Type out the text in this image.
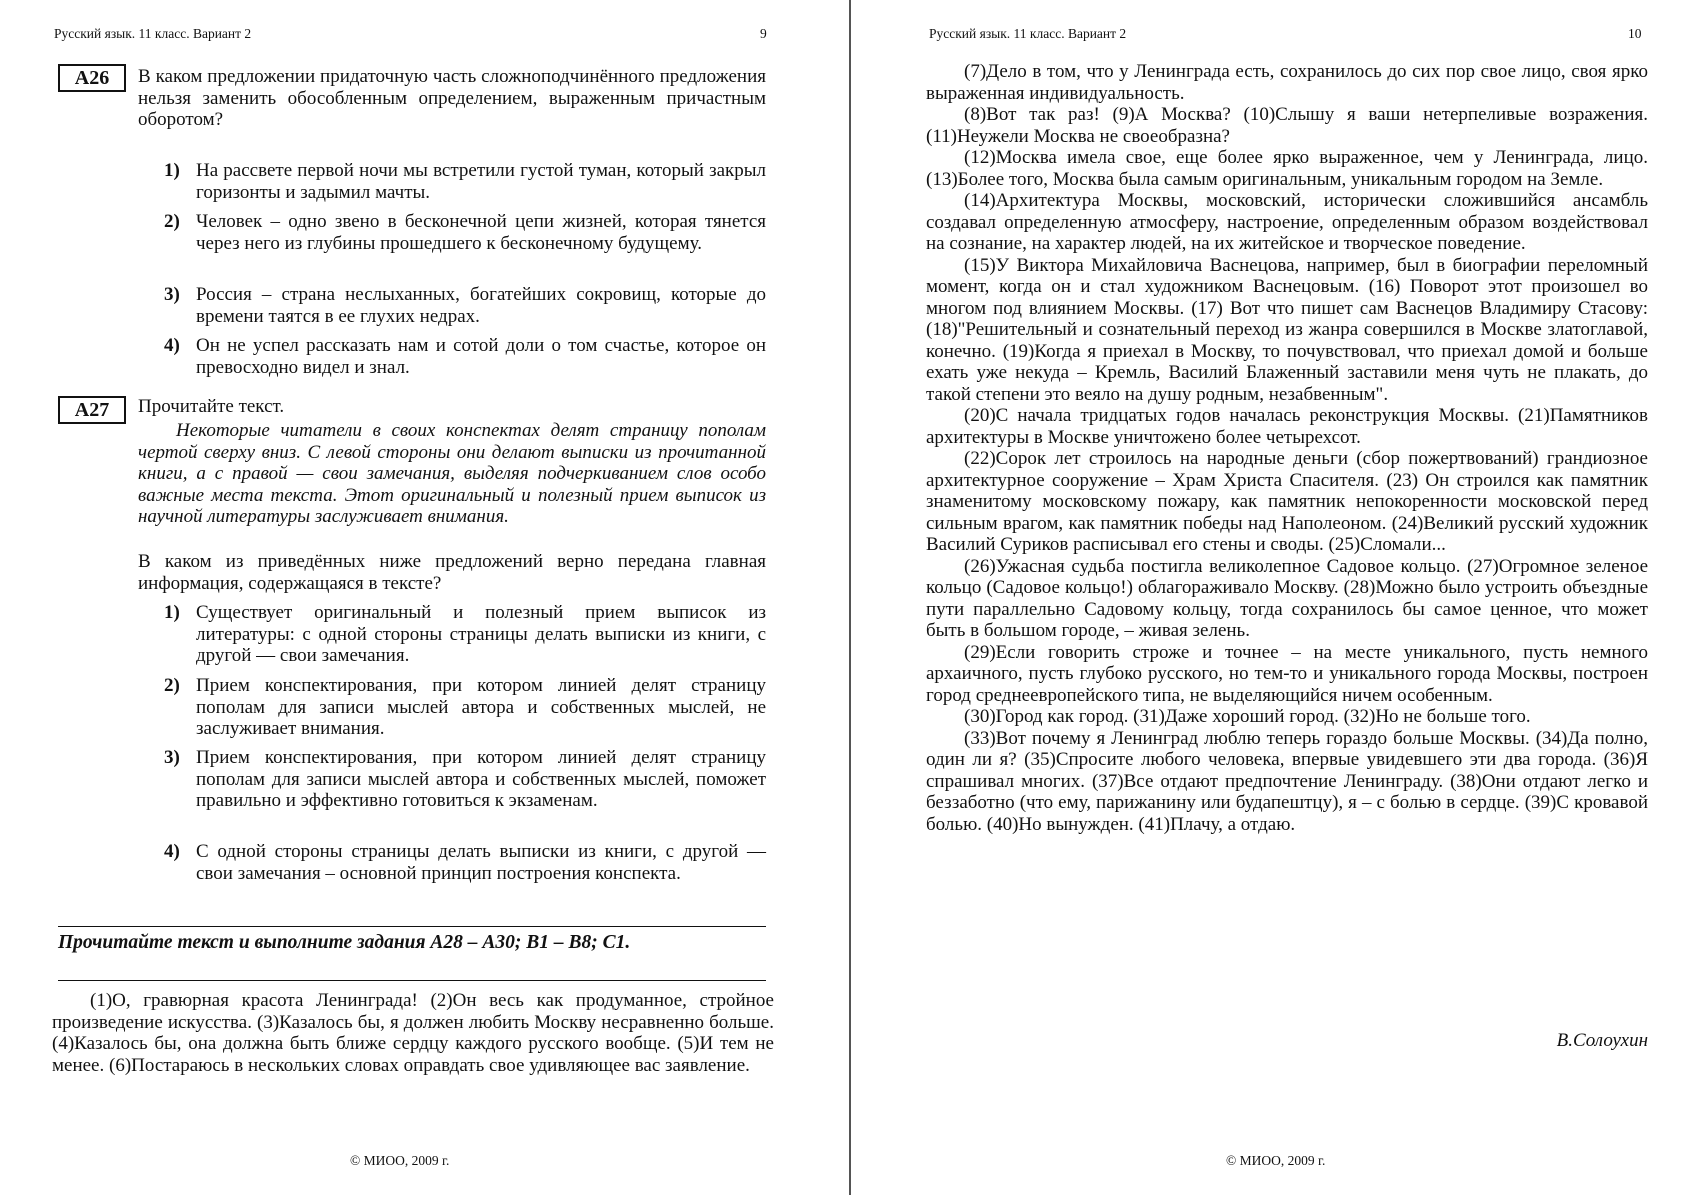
Русский язык. 11 класс. Вариант 2	9
А26	В каком предложении придаточную часть сложноподчинённого предложения нельзя заменить обособленным определением, выраженным причастным оборотом?
1) На рассвете первой ночи мы встретили густой туман, который закрыл горизонты и задымил мачты.
2) Человек – одно звено в бесконечной цепи жизней, которая тянется через него из глубины прошедшего к бесконечному будущему.
3) Россия – страна неслыханных, богатейших сокровищ, которые до времени таятся в ее глухих недрах.
4) Он не успел рассказать нам и сотой доли о том счастье, которое он превосходно видел и знал.
А27	Прочитайте текст.
Некоторые читатели в своих конспектах делят страницу пополам чертой сверху вниз. С левой стороны они делают выписки из прочитанной книги, а с правой — свои замечания, выделяя подчеркиванием слов особо важные места текста. Этот оригинальный и полезный прием выписок из научной литературы заслуживает внимания.
В каком из приведённых ниже предложений верно передана главная информация, содержащаяся в тексте?
1) Существует оригинальный и полезный прием выписок из литературы: с одной стороны страницы делать выписки из книги, с другой — свои замечания.
2) Прием конспектирования, при котором линией делят страницу пополам для записи мыслей автора и собственных мыслей, не заслуживает внимания.
3) Прием конспектирования, при котором линией делят страницу пополам для записи мыслей автора и собственных мыслей, поможет правильно и эффективно готовиться к экзаменам.
4) С одной стороны страницы делать выписки из книги, с другой — свои замечания – основной принцип построения конспекта.
Прочитайте текст и выполните задания А28 – А30; В1 – В8; С1.

(1)О, гравюрная красота Ленинграда! (2)Он весь как продуманное, стройное произведение искусства. (3)Казалось бы, я должен любить Москву несравненно больше. (4)Казалось бы, она должна быть ближе сердцу каждого русского вообще. (5)И тем не менее. (6)Постараюсь в нескольких словах оправдать свое удивляющее вас заявление.

© МИОО, 2009 г.
Русский язык. 11 класс. Вариант 2	10

(7)Дело в том, что у Ленинграда есть, сохранилось до сих пор свое лицо, своя ярко выраженная индивидуальность.

(8)Вот так раз! (9)А Москва? (10)Слышу я ваши нетерпеливые возражения. (11)Неужели Москва не своеобразна?

(12)Москва имела свое, еще более ярко выраженное, чем у Ленинграда, лицо. (13)Более того, Москва была самым оригинальным, уникальным городом на Земле.

(14)Архитектура Москвы, московский, исторически сложившийся ансамбль создавал определенную атмосферу, настроение, определенным образом воздействовал на сознание, на характер людей, на их житейское и творческое поведение.

(15)У Виктора Михайловича Васнецова, например, был в биографии переломный момент, когда он и стал художником Васнецовым. (16) Поворот этот произошел во многом под влиянием Москвы. (17) Вот что пишет сам Васнецов Владимиру Стасову: (18)"Решительный и сознательный переход из жанра совершился в Москве златоглавой, конечно. (19)Когда я приехал в Москву, то почувствовал, что приехал домой и больше ехать уже некуда – Кремль, Василий Блаженный заставили меня чуть не плакать, до такой степени это веяло на душу родным, незабвенным".

(20)С начала тридцатых годов началась реконструкция Москвы. (21)Памятников архитектуры в Москве уничтожено более четырехсот.

(22)Сорок лет строилось на народные деньги (сбор пожертвований) грандиозное архитектурное сооружение – Храм Христа Спасителя. (23) Он строился как памятник знаменитому московскому пожару, как памятник непокоренности московской перед сильным врагом, как памятник победы над Наполеоном. (24)Великий русский художник Василий Суриков расписывал его стены и своды. (25)Сломали...

(26)Ужасная судьба постигла великолепное Садовое кольцо. (27)Огромное зеленое кольцо (Садовое кольцо!) облагораживало Москву. (28)Можно было устроить объездные пути параллельно Садовому кольцу, тогда сохранилось бы самое ценное, что может быть в большом городе, – живая зелень.

(29)Если говорить строже и точнее – на месте уникального, пусть немного архаичного, пусть глубоко русского, но тем-то и уникального города Москвы, построен город среднеевропейского типа, не выделяющийся ничем особенным.

(30)Город как город. (31)Даже хороший город. (32)Но не больше того.

(33)Вот почему я Ленинград люблю теперь гораздо больше Москвы. (34)Да полно, один ли я? (35)Спросите любого человека, впервые увидевшего эти два города. (36)Я спрашивал многих. (37)Все отдают предпочтение Ленинграду. (38)Они отдают легко и беззаботно (что ему, парижанину или будапештцу), я – с болью в сердце. (39)С кровавой болью. (40)Но вынужден. (41)Плачу, а отдаю.

В.Солоухин
© МИОО, 2009 г.
